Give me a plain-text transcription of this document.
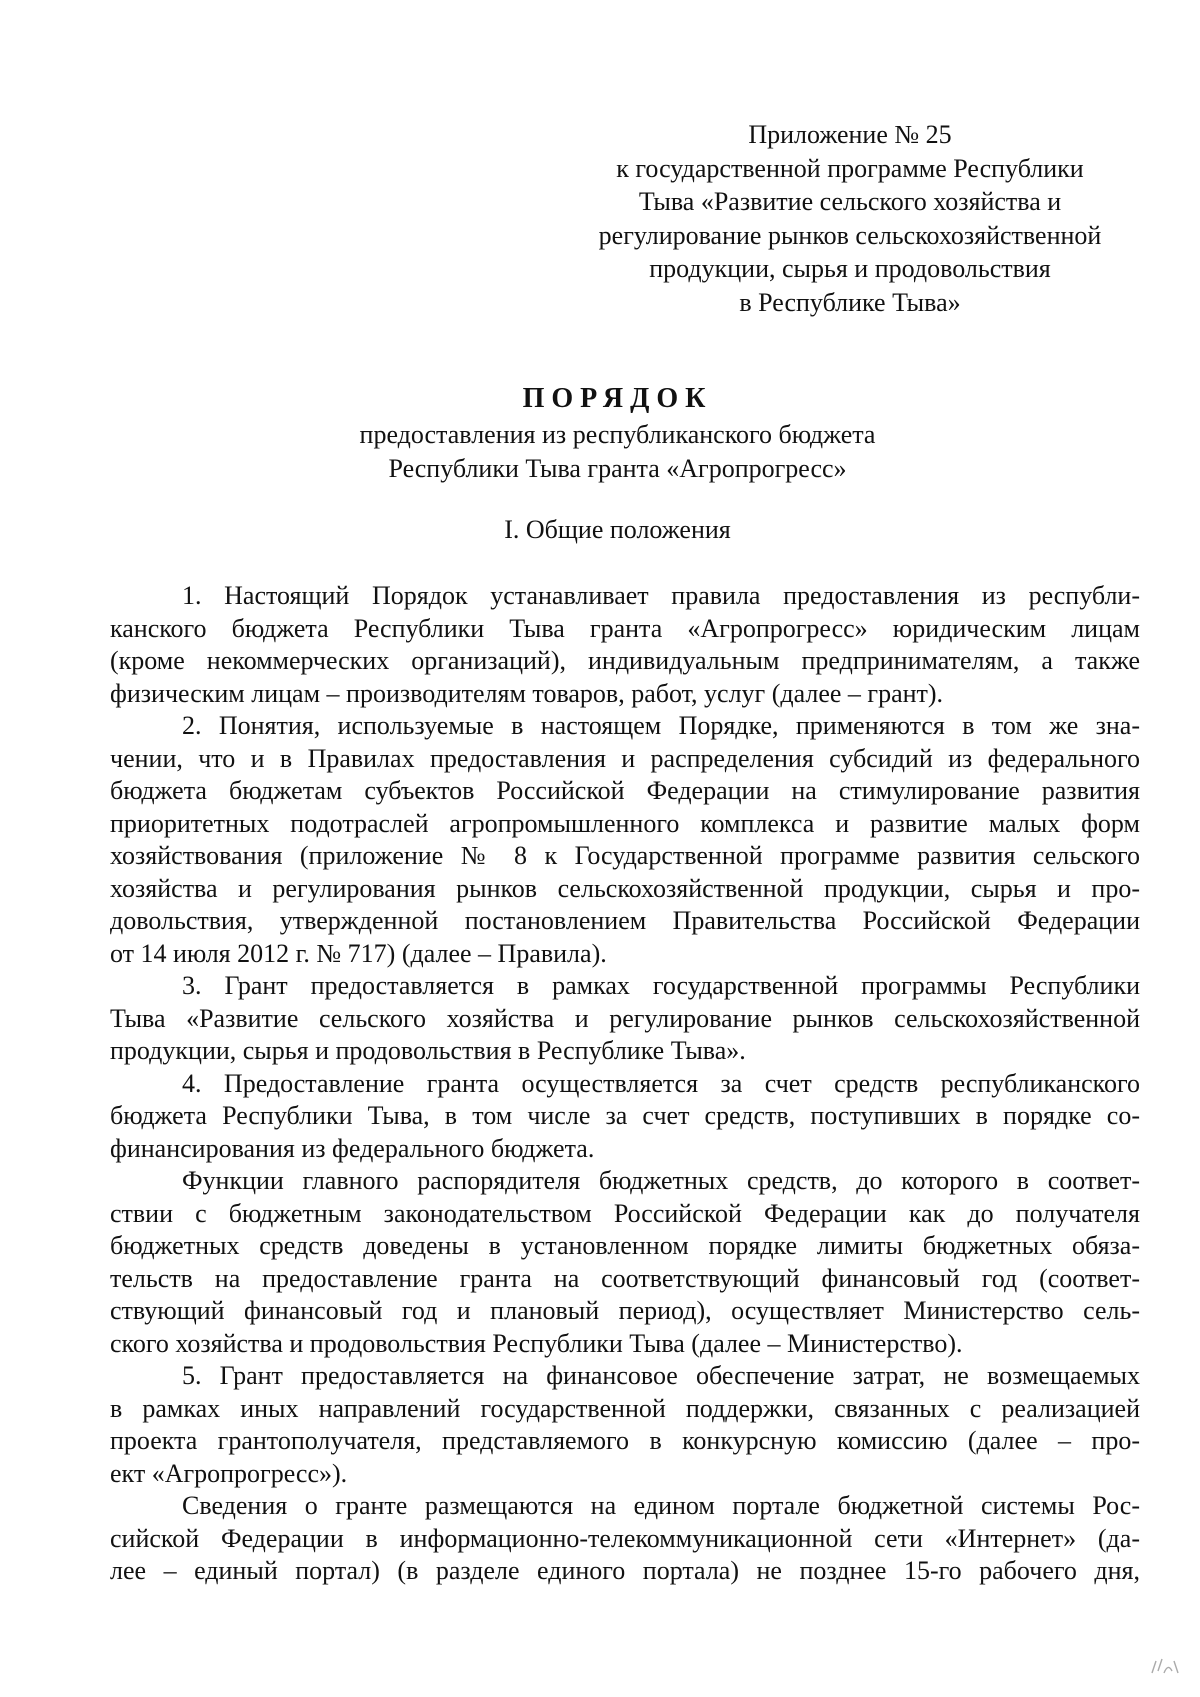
Приложение № 25
к государственной программе Республики
Тыва «Развитие сельского хозяйства и
регулирование рынков сельскохозяйственной
продукции, сырья и продовольствия
в Республике Тыва»
ПОРЯДОК
предоставления из республиканского бюджета
Республики Тыва гранта «Агропрогресс»
I. Общие положения
1. Настоящий Порядок устанавливает правила предоставления из республи-
канского бюджета Республики Тыва гранта «Агропрогресс» юридическим лицам
(кроме некоммерческих организаций), индивидуальным предпринимателям, а также
физическим лицам – производителям товаров, работ, услуг (далее – грант).
2. Понятия, используемые в настоящем Порядке, применяются в том же зна-
чении, что и в Правилах предоставления и распределения субсидий из федерального
бюджета бюджетам субъектов Российской Федерации на стимулирование развития
приоритетных подотраслей агропромышленного комплекса и развитие малых форм
хозяйствования (приложение № 8 к Государственной программе развития сельского
хозяйства и регулирования рынков сельскохозяйственной продукции, сырья и про-
довольствия, утвержденной постановлением Правительства Российской Федерации
от 14 июля 2012 г. № 717) (далее – Правила).
3. Грант предоставляется в рамках государственной программы Республики
Тыва «Развитие сельского хозяйства и регулирование рынков сельскохозяйственной
продукции, сырья и продовольствия в Республике Тыва».
4. Предоставление гранта осуществляется за счет средств республиканского
бюджета Республики Тыва, в том числе за счет средств, поступивших в порядке со-
финансирования из федерального бюджета.
Функции главного распорядителя бюджетных средств, до которого в соответ-
ствии с бюджетным законодательством Российской Федерации как до получателя
бюджетных средств доведены в установленном порядке лимиты бюджетных обяза-
тельств на предоставление гранта на соответствующий финансовый год (соответ-
ствующий финансовый год и плановый период), осуществляет Министерство сель-
ского хозяйства и продовольствия Республики Тыва (далее – Министерство).
5. Грант предоставляется на финансовое обеспечение затрат, не возмещаемых
в рамках иных направлений государственной поддержки, связанных с реализацией
проекта грантополучателя, представляемого в конкурсную комиссию (далее – про-
ект «Агропрогресс»).
Сведения о гранте размещаются на едином портале бюджетной системы Рос-
сийской Федерации в информационно-телекоммуникационной сети «Интернет» (да-
лее – единый портал) (в разделе единого портала) не позднее 15-го рабочего дня,
